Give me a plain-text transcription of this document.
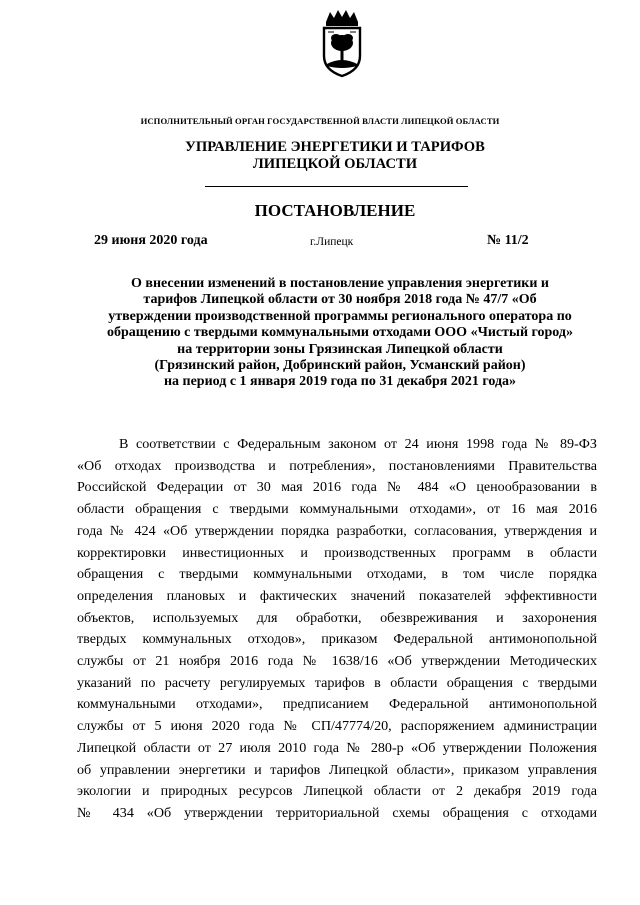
ИСПОЛНИТЕЛЬНЫЙ ОРГАН ГОСУДАРСТВЕННОЙ ВЛАСТИ ЛИПЕЦКОЙ ОБЛАСТИ
УПРАВЛЕНИЕ ЭНЕРГЕТИКИ И ТАРИФОВ
ЛИПЕЦКОЙ ОБЛАСТИ
ПОСТАНОВЛЕНИЕ
29 июня 2020 года	г.Липецк	№ 11/2
О внесении изменений в постановление управления энергетики и
тарифов Липецкой области от 30 ноября 2018 года № 47/7 «Об
утверждении производственной программы регионального оператора по
обращению с твердыми коммунальными отходами ООО «Чистый город»
на территории зоны Грязинская Липецкой области
(Грязинский район, Добринский район, Усманский район)
на период с 1 января 2019 года по 31 декабря 2021 года»
В соответствии с Федеральным законом от 24 июня 1998 года № 89-ФЗ
«Об отходах производства и потребления», постановлениями Правительства
Российской Федерации от 30 мая 2016 года № 484 «О ценообразовании в
области обращения с твердыми коммунальными отходами», от 16 мая 2016
года № 424 «Об утверждении порядка разработки, согласования, утверждения и
корректировки инвестиционных и производственных программ в области
обращения с твердыми коммунальными отходами, в том числе порядка
определения плановых и фактических значений показателей эффективности
объектов, используемых для обработки, обезвреживания и захоронения
твердых коммунальных отходов», приказом Федеральной антимонопольной
службы от 21 ноября 2016 года № 1638/16 «Об утверждении Методических
указаний по расчету регулируемых тарифов в области обращения с твердыми
коммунальными отходами», предписанием Федеральной антимонопольной
службы от 5 июня 2020 года № СП/47774/20, распоряжением администрации
Липецкой области от 27 июля 2010 года № 280-р «Об утверждении Положения
об управлении энергетики и тарифов Липецкой области», приказом управления
экологии и природных ресурсов Липецкой области от 2 декабря 2019 года
№ 434 «Об утверждении территориальной схемы обращения с отходами
